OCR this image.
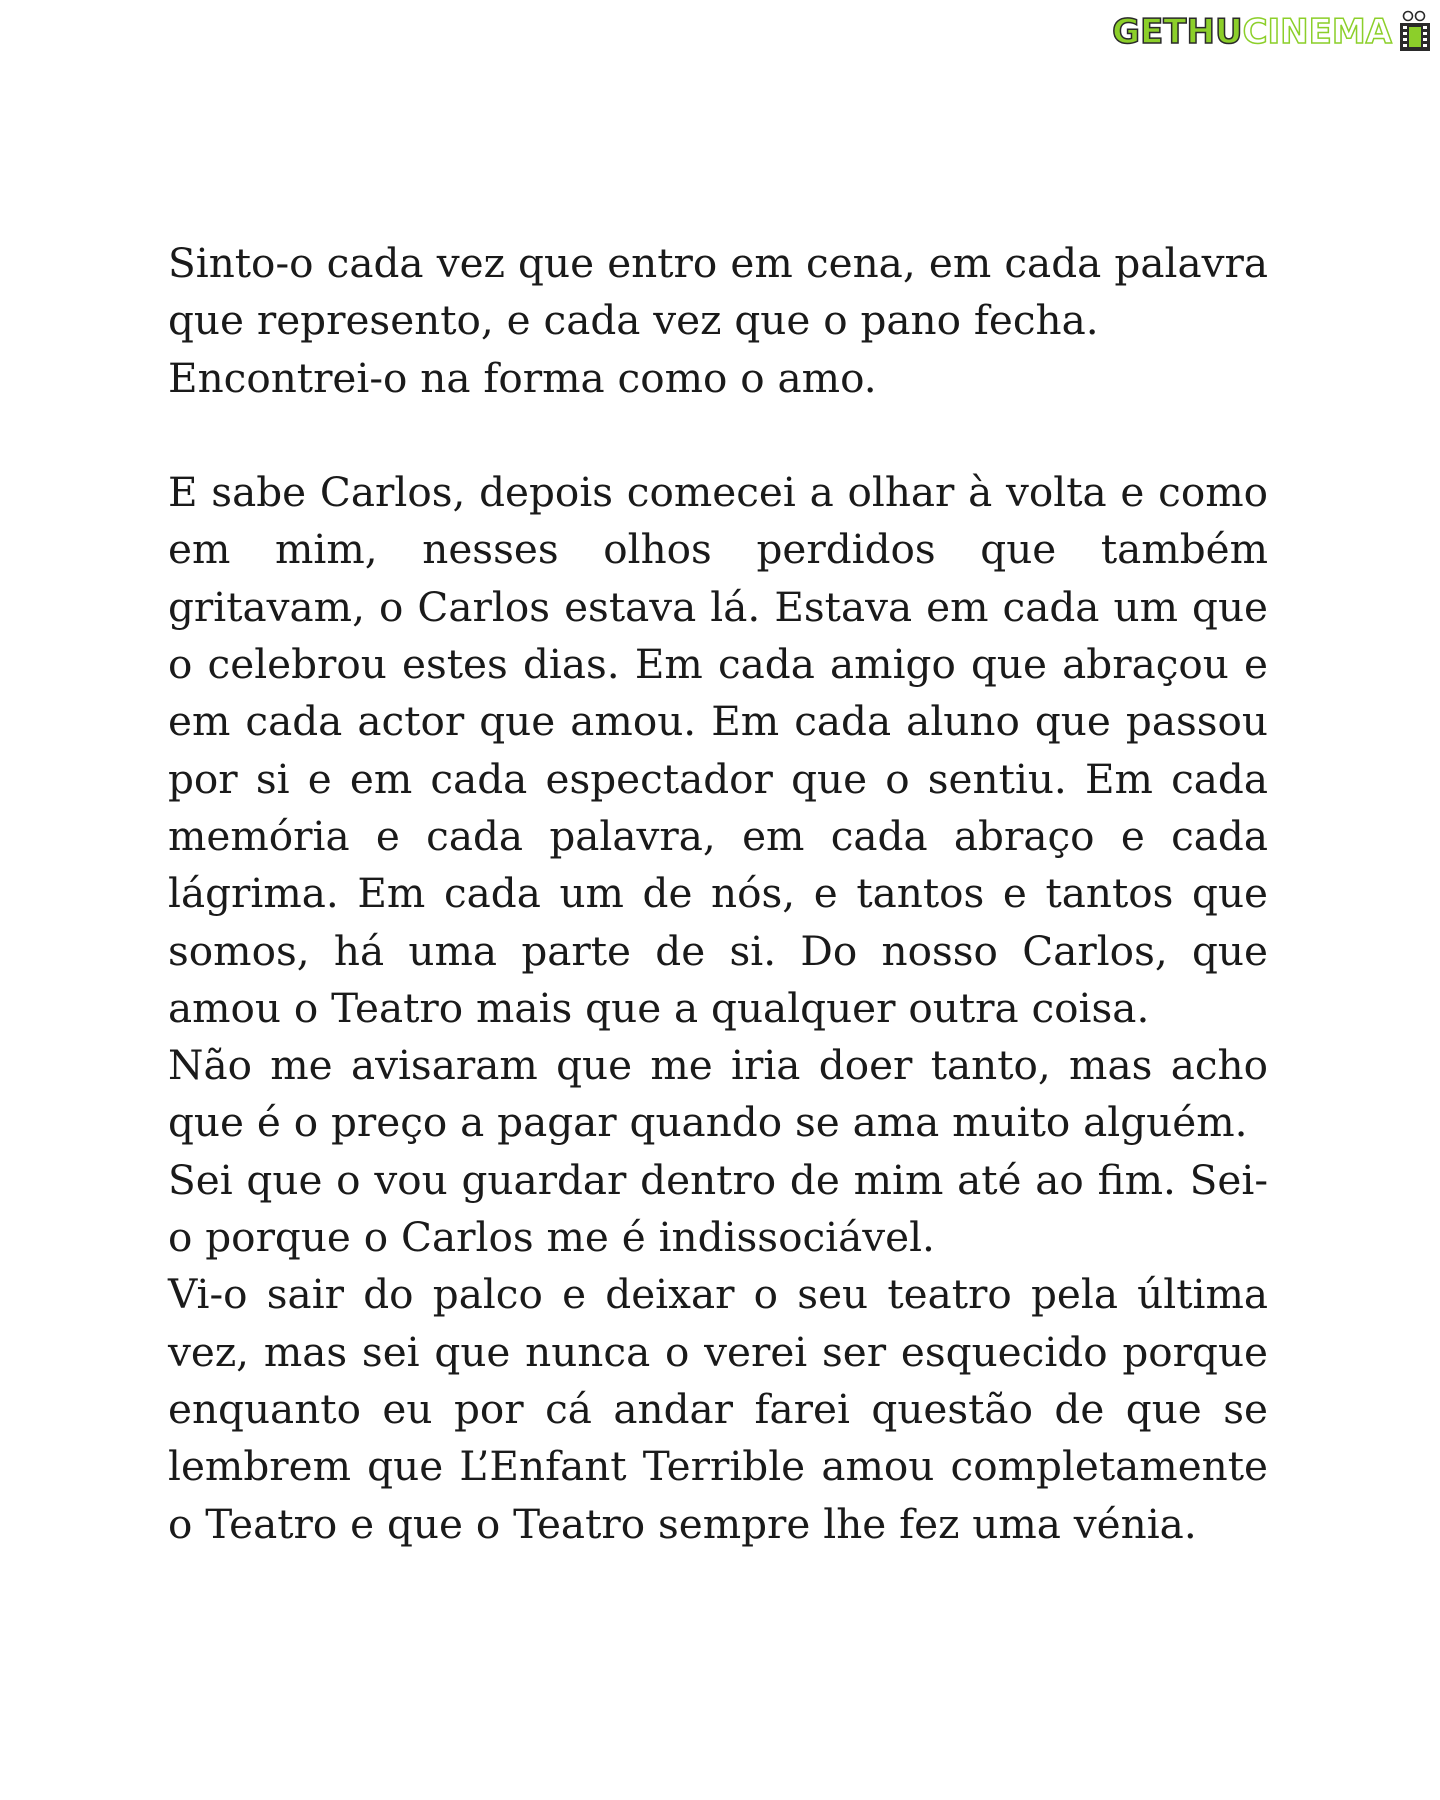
GETHU CINEMA

Sinto-o cada vez que entro em cena, em cada palavra que represento, e cada vez que o pano fecha.

Encontrei-o na forma como o amo.

E sabe Carlos, depois comecei a olhar à volta e como em mim, nesses olhos perdidos que também gritavam, o Carlos estava lá. Estava em cada um que o celebrou estes dias. Em cada amigo que abraçou e em cada actor que amou. Em cada aluno que passou por si e em cada espectador que o sentiu. Em cada memória e cada palavra, em cada abraço e cada lágrima. Em cada um de nós, e tantos e tantos que somos, há uma parte de si. Do nosso Carlos, que amou o Teatro mais que a qualquer outra coisa.

Não me avisaram que me iria doer tanto, mas acho que é o preço a pagar quando se ama muito alguém.

Sei que o vou guardar dentro de mim até ao fim. Sei-o porque o Carlos me é indissociável.

Vi-o sair do palco e deixar o seu teatro pela última vez, mas sei que nunca o verei ser esquecido porque enquanto eu por cá andar farei questão de que se lembrem que L’Enfant Terrible amou completamente o Teatro e que o Teatro sempre lhe fez uma vénia.
